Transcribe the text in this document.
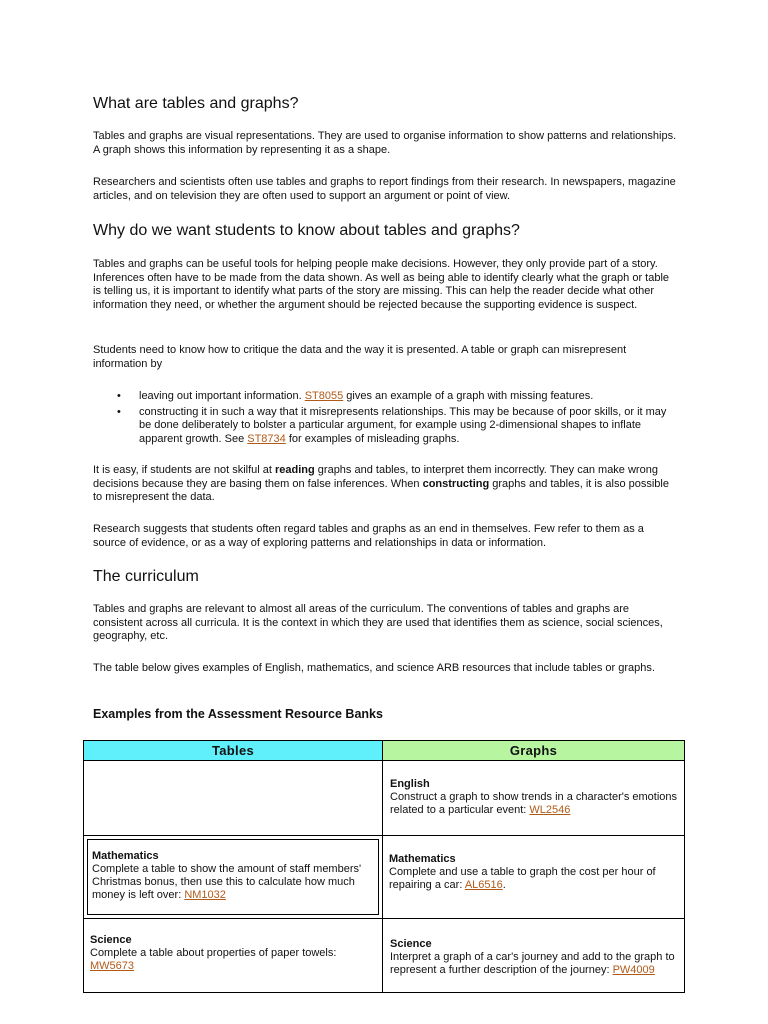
What are tables and graphs?

Tables and graphs are visual representations. They are used to organise information to show patterns and relationships. A graph shows this information by representing it as a shape.

Researchers and scientists often use tables and graphs to report findings from their research. In newspapers, magazine articles, and on television they are often used to support an argument or point of view.

Why do we want students to know about tables and graphs?

Tables and graphs can be useful tools for helping people make decisions. However, they only provide part of a story. Inferences often have to be made from the data shown. As well as being able to identify clearly what the graph or table is telling us, it is important to identify what parts of the story are missing. This can help the reader decide what other information they need, or whether the argument should be rejected because the supporting evidence is suspect.

Students need to know how to critique the data and the way it is presented. A table or graph can misrepresent information by

• leaving out important information. ST8055 gives an example of a graph with missing features.
• constructing it in such a way that it misrepresents relationships. This may be because of poor skills, or it may be done deliberately to bolster a particular argument, for example using 2-dimensional shapes to inflate apparent growth. See ST8734 for examples of misleading graphs.

It is easy, if students are not skilful at reading graphs and tables, to interpret them incorrectly. They can make wrong decisions because they are basing them on false inferences. When constructing graphs and tables, it is also possible to misrepresent the data.

Research suggests that students often regard tables and graphs as an end in themselves. Few refer to them as a source of evidence, or as a way of exploring patterns and relationships in data or information.

The curriculum

Tables and graphs are relevant to almost all areas of the curriculum. The conventions of tables and graphs are consistent across all curricula. It is the context in which they are used that identifies them as science, social sciences, geography, etc.

The table below gives examples of English, mathematics, and science ARB resources that include tables or graphs.

Examples from the Assessment Resource Banks

Tables	Graphs
English
Construct a graph to show trends in a character's emotions related to a particular event: WL2546
Mathematics
Complete a table to show the amount of staff members' Christmas bonus, then use this to calculate how much money is left over: NM1032
Mathematics
Complete and use a table to graph the cost per hour of repairing a car: AL6516.
Science
Complete a table about properties of paper towels: MW5673
Science
Interpret a graph of a car's journey and add to the graph to represent a further description of the journey: PW4009
